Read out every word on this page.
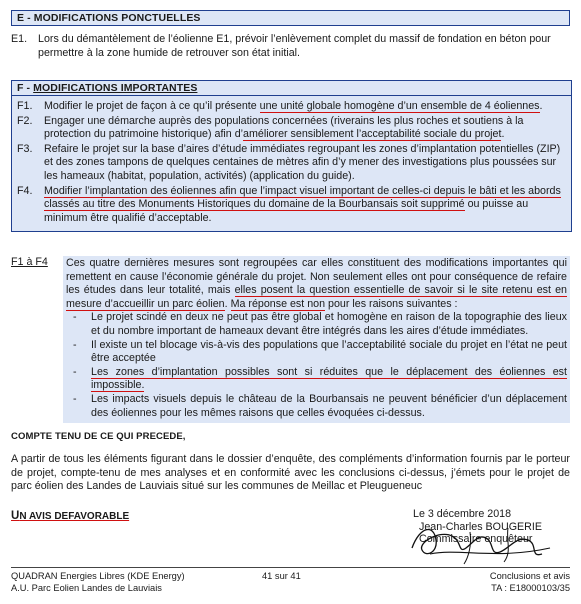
E - MODIFICATIONS PONCTUELLES
E1. Lors du démantèlement de l’éolienne E1, prévoir l’enlèvement complet du massif de fondation en béton pour permettre à la zone humide de retrouver son état initial.
F - MODIFICATIONS IMPORTANTES
F1. Modifier le projet de façon à ce qu’il présente une unité globale homogène d’un ensemble de 4 éoliennes.
F2. Engager une démarche auprès des populations concernées (riverains les plus roches et soutiens à la protection du patrimoine historique) afin d’améliorer sensiblement l’acceptabilité sociale du projet.
F3. Refaire le projet sur la base d’aires d’étude immédiates regroupant les zones d’implantation potentielles (ZIP) et des zones tampons de quelques centaines de mètres afin d’y mener des investigations plus poussées sur les hameaux (habitat, population, activités) (application du guide).
F4. Modifier l’implantation des éoliennes afin que l’impact visuel important de celles-ci depuis le bâti et les abords classés au titre des Monuments Historiques du domaine de la Bourbansais soit supprimé ou puisse au minimum être qualifié d’acceptable.
F1 à F4 Ces quatre dernières mesures sont regroupées car elles constituent des modifications importantes qui remettent en cause l’économie générale du projet. Non seulement elles ont pour conséquence de refaire les études dans leur totalité, mais elles posent la question essentielle de savoir si le site retenu est en mesure d’accueillir un parc éolien. Ma réponse est non pour les raisons suivantes :
- Le projet scindé en deux ne peut pas être global et homogène en raison de la topographie des lieux et du nombre important de hameaux devant être intégrés dans les aires d’étude immédiates.
- Il existe un tel blocage vis-à-vis des populations que l’acceptabilité sociale du projet en l’état ne peut être acceptée
- Les zones d’implantation possibles sont si réduites que le déplacement des éoliennes est impossible.
- Les impacts visuels depuis le château de la Bourbansais ne peuvent bénéficier d’un déplacement des éoliennes pour les mêmes raisons que celles évoquées ci-dessus.
COMPTE TENU DE CE QUI PRECEDE,
A partir de tous les éléments figurant dans le dossier d’enquête, des compléments d’information fournis par le porteur de projet, compte-tenu de mes analyses et en conformité avec les conclusions ci-dessus, j’émets pour le projet de parc éolien des Landes de Lauviais situé sur les communes de Meillac et Pleugueneuc
UN AVIS DEFAVORABLE	Le 3 décembre 2018
Jean-Charles BOUGERIE
Commissaire enquêteur
QUADRAN Energies Libres (KDE Energy)
A.U. Parc Eolien Landes de Lauviais
41 sur 41	Conclusions et avis
TA : E18000103/35
